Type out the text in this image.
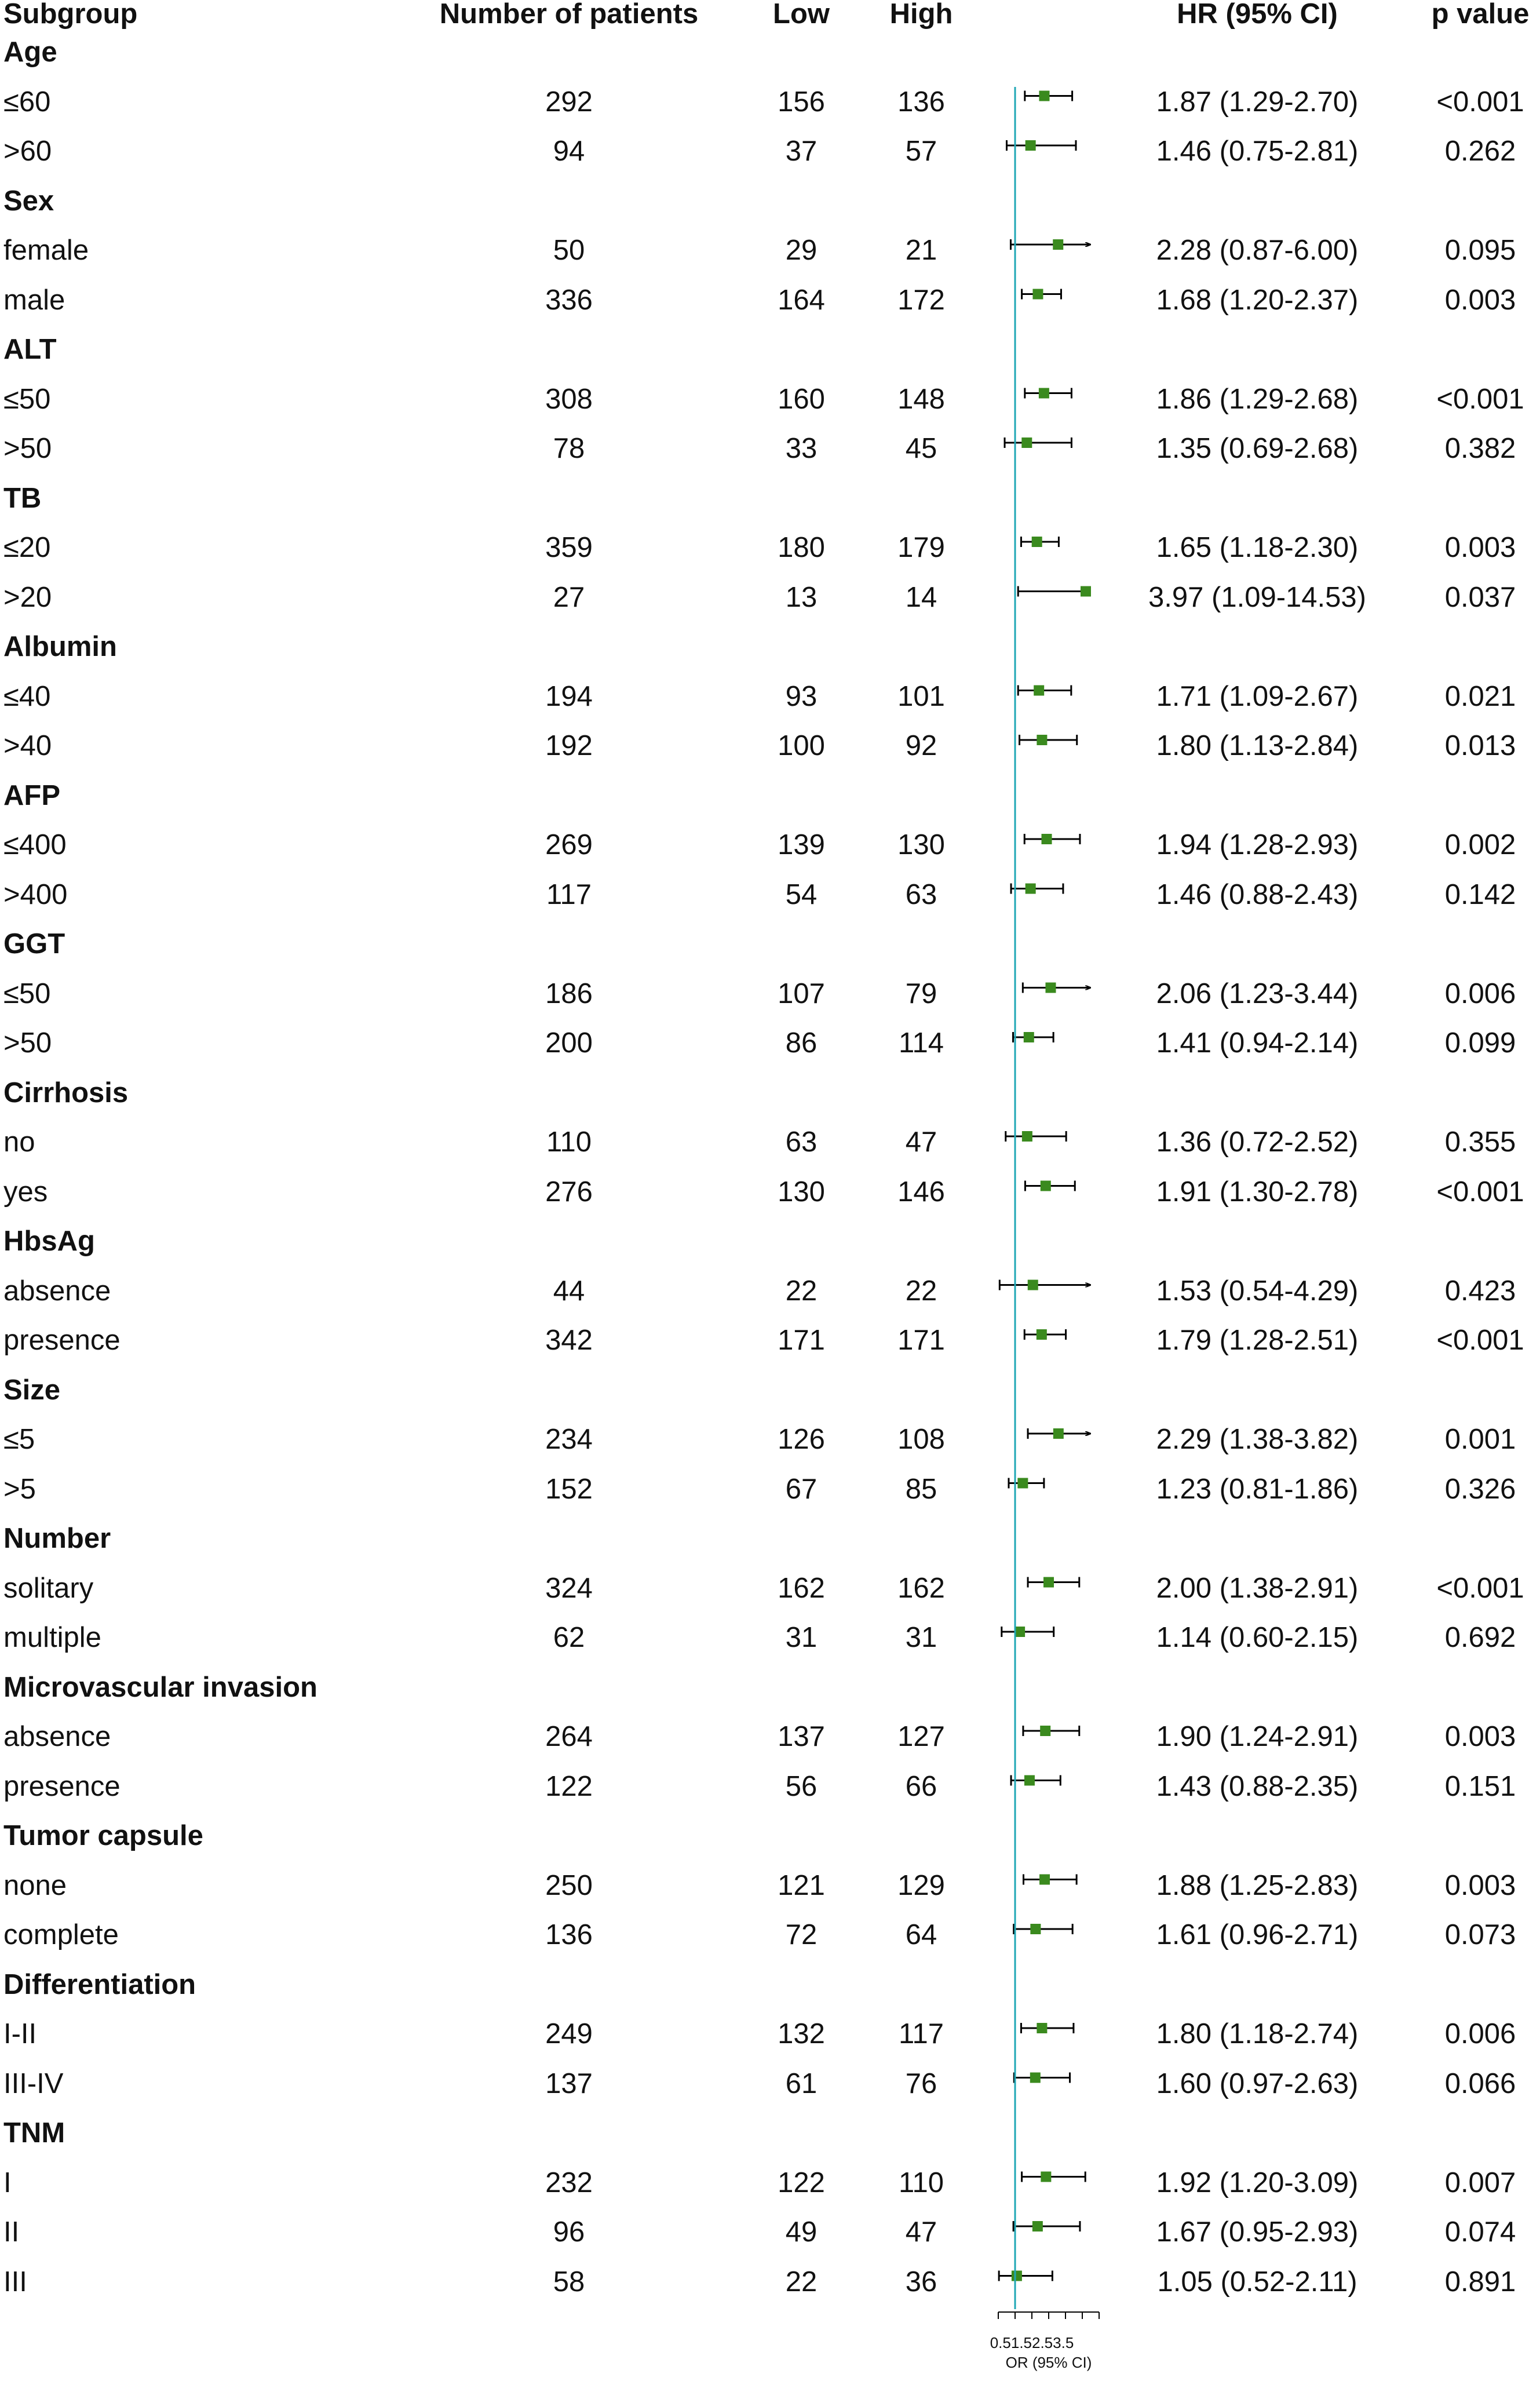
Subgroup	Number of patients	Low High	HR (95% CI)	p value
Age
≤60	292	156	136	1.87 (1.29-2.70)	<0.001
>60	94	37	57	1.46 (0.75-2.81)	0.262
Sex
female	50	29	21	2.28 (0.87-6.00)	0.095
male	336	164	172	1.68 (1.20-2.37)	0.003
ALT
≤50	308	160	148	1.86 (1.29-2.68)	<0.001
>50	78	33	45	1.35 (0.69-2.68)	0.382
TB
≤20	359	180	179	1.65 (1.18-2.30)	0.003
>20	27	13	14	3.97 (1.09-14.53)	0.037
Albumin
≤40	194	93	101	1.71 (1.09-2.67)	0.021
>40	192	100	92	1.80 (1.13-2.84)	0.013
AFP
≤400	269	139	130	1.94 (1.28-2.93)	0.002
>400	117	54	63	1.46 (0.88-2.43)	0.142
GGT
≤50	186	107	79	2.06 (1.23-3.44)	0.006
>50	200	86	114	1.41 (0.94-2.14)	0.099
Cirrhosis
no	110	63	47	1.36 (0.72-2.52)	0.355
yes	276	130	146	1.91 (1.30-2.78)	<0.001
HbsAg
absence	44	22	22	1.53 (0.54-4.29)	0.423
presence	342	171	171	1.79 (1.28-2.51)	<0.001
Size
≤5	234	126	108	2.29 (1.38-3.82)	0.001
>5	152	67	85	1.23 (0.81-1.86)	0.326
Number
solitary	324	162	162	2.00 (1.38-2.91)	<0.001
multiple	62	31	31	1.14 (0.60-2.15)	0.692
Microvascular invasion
absence	264	137	127	1.90 (1.24-2.91)	0.003
presence	122	56	66	1.43 (0.88-2.35)	0.151
Tumor capsule
none	250	121	129	1.88 (1.25-2.83)	0.003
complete	136	72	64	1.61 (0.96-2.71)	0.073
Differentiation
I-II	249	132	117	1.80 (1.18-2.74)	0.006
III-IV	137	61	76	1.60 (0.97-2.63)	0.066
TNM
I	232	122	110	1.92 (1.20-3.09)	0.007
II	96	49	47	1.67 (0.95-2.93)	0.074
III	58	22	36	1.05 (0.52-2.11)	0.891
0.51.52.53.5
OR (95% CI)
